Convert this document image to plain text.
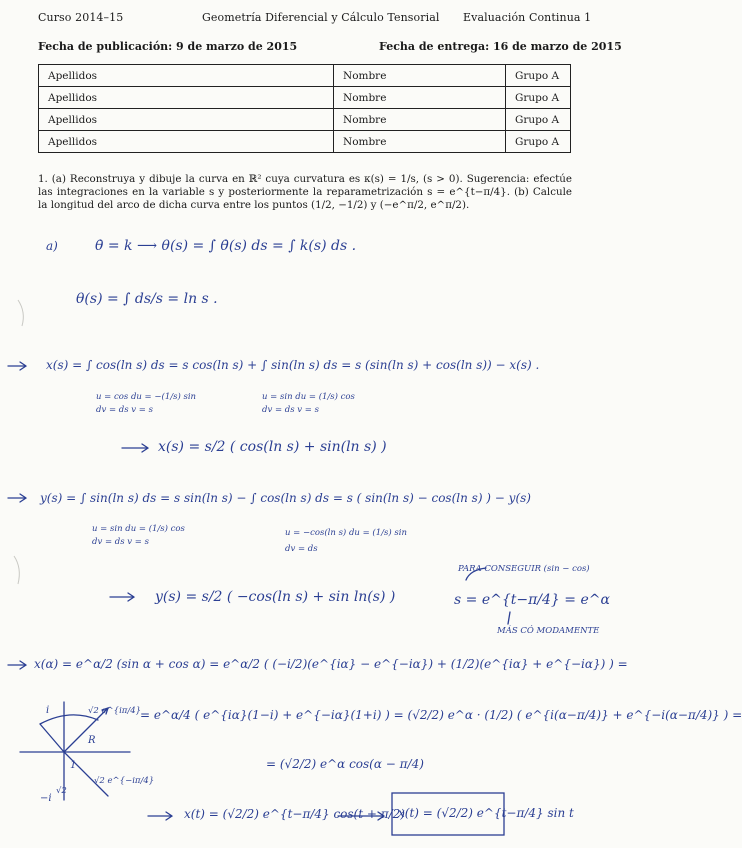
Curso 2014–15	Geometría Diferencial y Cálculo Tensorial Evaluación Continua 1
Fecha de publicación: 9 de marzo de 2015	Fecha de entrega: 16 de marzo de 2015
Apellidos	Nombre	Grupo A
Apellidos	Nombre	Grupo A
Apellidos	Nombre	Grupo A
Apellidos	Nombre	Grupo A
1. (a) Reconstruya y dibuje la curva en ℝ² cuya curvatura es κ(s) = 1/s, (s > 0). Sugerencia: efectúe las integraciones en la variable s y posteriormente la reparametrización s = e^{t−π/4}. (b) Calcule la longitud del arco de dicha curva entre los puntos (1/2, −1/2) y (−e^π/2, e^π/2).
a)	θ̇ = k ⟶ θ(s) = ∫ θ̇(s) ds = ∫ k(s) ds .
θ(s) = ∫ ds/s = ln s .
x(s) = ∫ cos(ln s) ds = s cos(ln s) + ∫ sin(ln s) ds = s (sin(ln s) + cos(ln s)) − x(s) .
u = cos du = −(1/s) sin
dv = ds v = s
u = sin du = (1/s) cos
dv = ds v = s
x(s) = s/2 ( cos(ln s) + sin(ln s) )
y(s) = ∫ sin(ln s) ds = s sin(ln s) − ∫ cos(ln s) ds = s ( sin(ln s) − cos(ln s) ) − y(s)
u = sin du = (1/s) cos
dv = ds v = s
u = −cos(ln s) du = (1/s) sin
dv = ds
y(s) = s/2 ( −cos(ln s) + sin ln(s) )
PARA CONSEGUIR (sin − cos)
s = e^{t−π/4} = e^α
MÁS CÓ MODAMENTE
x(α) = e^α/2 (sin α + cos α) = e^α/2 ( (−i/2)(e^{iα} − e^{−iα}) + (1/2)(e^{iα} + e^{−iα}) ) =
= e^α/4 ( e^{iα}(1−i) + e^{−iα}(1+i) ) = (√2/2) e^α · (1/2) ( e^{i(α−π/4)} + e^{−i(α−π/4)} ) =
= (√2/2) e^α cos(α − π/4)
x(t) = (√2/2) e^{t−π/4} cos(t + π/2)
x(t) = (√2/2) e^{t−π/4} sin t
i
R
1
√2 e^{iπ/4}
√2 e^{−iπ/4}
√2
−i
